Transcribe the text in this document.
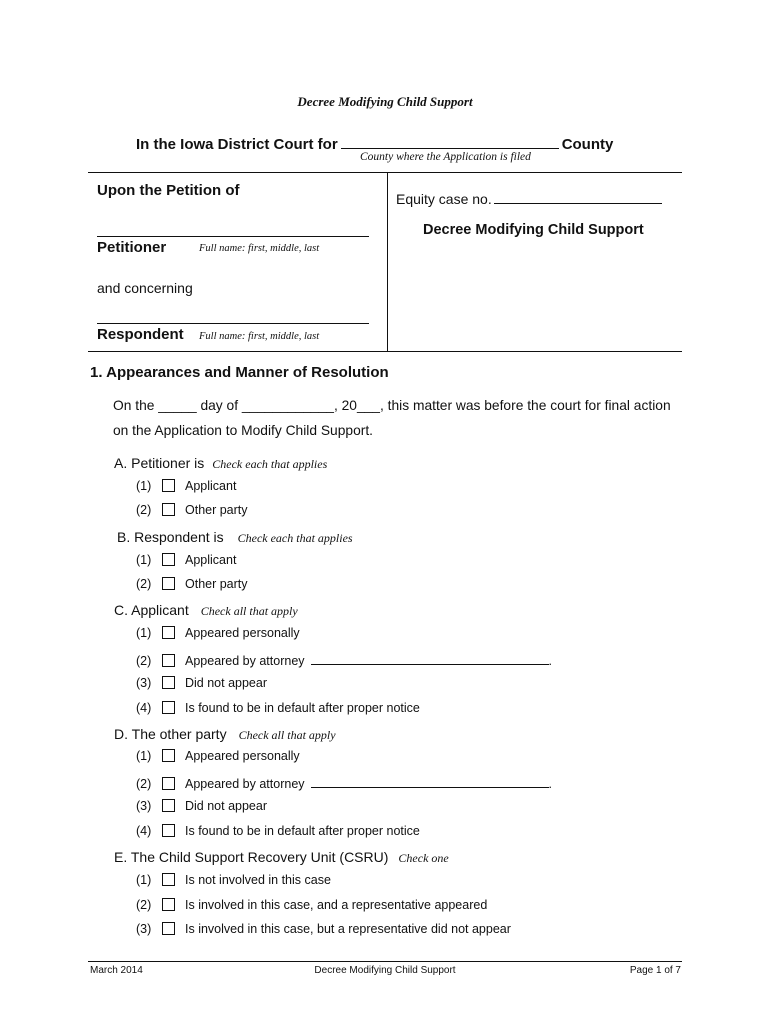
Decree Modifying Child Support
In the Iowa District Court for	County
County where the Application is filed
Upon the Petition of
Petitioner	Full name: first, middle, last
and concerning
Respondent Full name: first, middle, last
Equity case no.
Decree Modifying Child Support
1. Appearances and Manner of Resolution
On the _____ day of ____________, 20___, this matter was before the court for final action
on the Application to Modify Child Support.
A. Petitioner is Check each that applies
(1)	Applicant
(2)	Other party
B. Respondent is Check each that applies
(1)	Applicant
(2)	Other party
C. Applicant Check all that apply
(1)	Appeared personally
(2)	Appeared by attorney	.
(3)	Did not appear
(4)	Is found to be in default after proper notice
D. The other party Check all that apply
(1)	Appeared personally
(2)	Appeared by attorney	.
(3)	Did not appear
(4)	Is found to be in default after proper notice
E. The Child Support Recovery Unit (CSRU) Check one
(1)	Is not involved in this case
(2)	Is involved in this case, and a representative appeared
(3)	Is involved in this case, but a representative did not appear
March 2014	Decree Modifying Child Support	Page 1 of 7
